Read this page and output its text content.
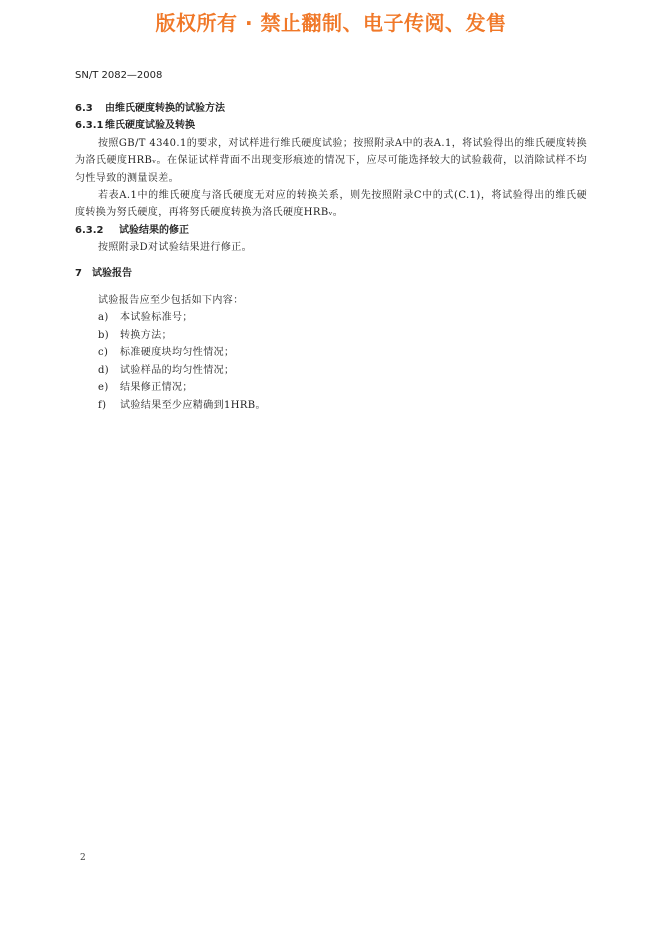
版权所有 · 禁止翻制、电子传阅、发售
SN/T 2082—2008
6.3 由维氏硬度转换的试验方法
6.3.1 维氏硬度试验及转换

按照GB/T 4340.1的要求，对试样进行维氏硬度试验；按照附录A中的表A.1，将试验得出的维氏硬度转换为洛氏硬度HRBᵥ。在保证试样背面不出现变形痕迹的情况下，应尽可能选择较大的试验载荷，以消除试样不均匀性导致的测量误差。

若表A.1中的维氏硬度与洛氏硬度无对应的转换关系，则先按照附录C中的式(C.1)，将试验得出的维氏硬度转换为努氏硬度，再将努氏硬度转换为洛氏硬度HRBᵥ。

6.3.2 试验结果的修正
按照附录D对试验结果进行修正。
7 试验报告
试验报告应至少包括如下内容：
a) 本试验标准号；
b) 转换方法；
c) 标准硬度块均匀性情况；
d) 试验样品的均匀性情况；
e) 结果修正情况；
f) 试验结果至少应精确到1HRB。
2
